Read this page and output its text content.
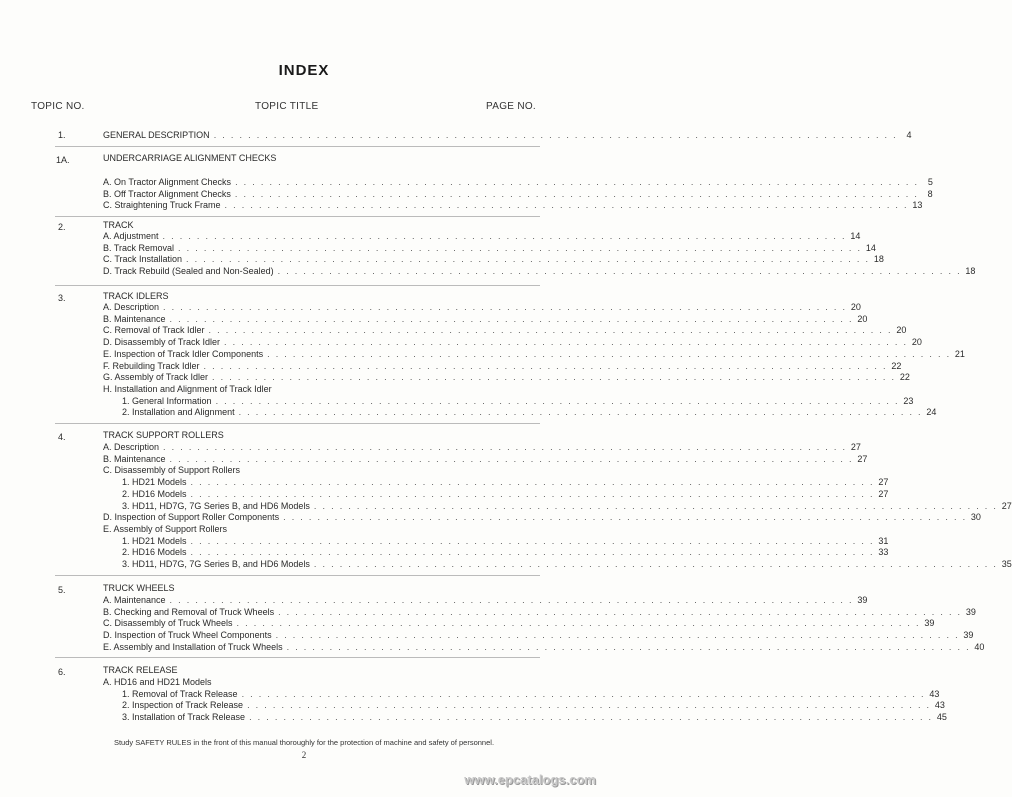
INDEX
TOPIC NO.	TOPIC TITLE	PAGE NO.
1.	GENERAL DESCRIPTION . . . . . . . . . . . . . . . . . . . . . . . . . . . . . . . . . . . . . . . . . . . . . . . . . . . . . . . . . . . . . . . . . . . . . . . . . . . . . . . . 4
1A.	UNDERCARRIAGE ALIGNMENT CHECKS
A. On Tractor Alignment Checks . . . . . . . . . . . . . . . . . . . . . . . . . . . . . . . . . . . . . . . . . . . . . . . . . . . . . . . . . . . . . . . . . . . . . . . . . . . . . . . . 5
B. Off Tractor Alignment Checks . . . . . . . . . . . . . . . . . . . . . . . . . . . . . . . . . . . . . . . . . . . . . . . . . . . . . . . . . . . . . . . . . . . . . . . . . . . . . . . . 8
C. Straightening Truck Frame . . . . . . . . . . . . . . . . . . . . . . . . . . . . . . . . . . . . . . . . . . . . . . . . . . . . . . . . . . . . . . . . . . . . . . . . . . . . . . . . 13
2.	TRACK
A. Adjustment . . . . . . . . . . . . . . . . . . . . . . . . . . . . . . . . . . . . . . . . . . . . . . . . . . . . . . . . . . . . . . . . . . . . . . . . . . . . . . . . 14
B. Track Removal . . . . . . . . . . . . . . . . . . . . . . . . . . . . . . . . . . . . . . . . . . . . . . . . . . . . . . . . . . . . . . . . . . . . . . . . . . . . . . . . 14
C. Track Installation . . . . . . . . . . . . . . . . . . . . . . . . . . . . . . . . . . . . . . . . . . . . . . . . . . . . . . . . . . . . . . . . . . . . . . . . . . . . . . . . 18
D. Track Rebuild (Sealed and Non-Sealed) . . . . . . . . . . . . . . . . . . . . . . . . . . . . . . . . . . . . . . . . . . . . . . . . . . . . . . . . . . . . . . . . . . . . . . . . . . . . . . . . 18
3.	TRACK IDLERS
A. Description . . . . . . . . . . . . . . . . . . . . . . . . . . . . . . . . . . . . . . . . . . . . . . . . . . . . . . . . . . . . . . . . . . . . . . . . . . . . . . . . 20
B. Maintenance . . . . . . . . . . . . . . . . . . . . . . . . . . . . . . . . . . . . . . . . . . . . . . . . . . . . . . . . . . . . . . . . . . . . . . . . . . . . . . . . 20
C. Removal of Track Idler . . . . . . . . . . . . . . . . . . . . . . . . . . . . . . . . . . . . . . . . . . . . . . . . . . . . . . . . . . . . . . . . . . . . . . . . . . . . . . . . 20
D. Disassembly of Track Idler . . . . . . . . . . . . . . . . . . . . . . . . . . . . . . . . . . . . . . . . . . . . . . . . . . . . . . . . . . . . . . . . . . . . . . . . . . . . . . . . 20
E. Inspection of Track Idler Components . . . . . . . . . . . . . . . . . . . . . . . . . . . . . . . . . . . . . . . . . . . . . . . . . . . . . . . . . . . . . . . . . . . . . . . . . . . . . . . . 21
F. Rebuilding Track Idler . . . . . . . . . . . . . . . . . . . . . . . . . . . . . . . . . . . . . . . . . . . . . . . . . . . . . . . . . . . . . . . . . . . . . . . . . . . . . . . . 22
G. Assembly of Track Idler . . . . . . . . . . . . . . . . . . . . . . . . . . . . . . . . . . . . . . . . . . . . . . . . . . . . . . . . . . . . . . . . . . . . . . . . . . . . . . . . 22
H. Installation and Alignment of Track Idler
1. General Information . . . . . . . . . . . . . . . . . . . . . . . . . . . . . . . . . . . . . . . . . . . . . . . . . . . . . . . . . . . . . . . . . . . . . . . . . . . . . . . . 23
2. Installation and Alignment . . . . . . . . . . . . . . . . . . . . . . . . . . . . . . . . . . . . . . . . . . . . . . . . . . . . . . . . . . . . . . . . . . . . . . . . . . . . . . . . 24
4.	TRACK SUPPORT ROLLERS
A. Description . . . . . . . . . . . . . . . . . . . . . . . . . . . . . . . . . . . . . . . . . . . . . . . . . . . . . . . . . . . . . . . . . . . . . . . . . . . . . . . . 27
B. Maintenance . . . . . . . . . . . . . . . . . . . . . . . . . . . . . . . . . . . . . . . . . . . . . . . . . . . . . . . . . . . . . . . . . . . . . . . . . . . . . . . . 27
C. Disassembly of Support Rollers
1. HD21 Models . . . . . . . . . . . . . . . . . . . . . . . . . . . . . . . . . . . . . . . . . . . . . . . . . . . . . . . . . . . . . . . . . . . . . . . . . . . . . . . . 27
2. HD16 Models . . . . . . . . . . . . . . . . . . . . . . . . . . . . . . . . . . . . . . . . . . . . . . . . . . . . . . . . . . . . . . . . . . . . . . . . . . . . . . . . 27
3. HD11, HD7G, 7G Series B, and HD6 Models . . . . . . . . . . . . . . . . . . . . . . . . . . . . . . . . . . . . . . . . . . . . . . . . . . . . . . . . . . . . . . . . . . . . . . . . . . . . . . . . 27
D. Inspection of Support Roller Components . . . . . . . . . . . . . . . . . . . . . . . . . . . . . . . . . . . . . . . . . . . . . . . . . . . . . . . . . . . . . . . . . . . . . . . . . . . . . . . . 30
E. Assembly of Support Rollers
1. HD21 Models . . . . . . . . . . . . . . . . . . . . . . . . . . . . . . . . . . . . . . . . . . . . . . . . . . . . . . . . . . . . . . . . . . . . . . . . . . . . . . . . 31
2. HD16 Models . . . . . . . . . . . . . . . . . . . . . . . . . . . . . . . . . . . . . . . . . . . . . . . . . . . . . . . . . . . . . . . . . . . . . . . . . . . . . . . . 33
3. HD11, HD7G, 7G Series B, and HD6 Models . . . . . . . . . . . . . . . . . . . . . . . . . . . . . . . . . . . . . . . . . . . . . . . . . . . . . . . . . . . . . . . . . . . . . . . . . . . . . . . . 35
5.	TRUCK WHEELS
A. Maintenance . . . . . . . . . . . . . . . . . . . . . . . . . . . . . . . . . . . . . . . . . . . . . . . . . . . . . . . . . . . . . . . . . . . . . . . . . . . . . . . . 39
B. Checking and Removal of Truck Wheels . . . . . . . . . . . . . . . . . . . . . . . . . . . . . . . . . . . . . . . . . . . . . . . . . . . . . . . . . . . . . . . . . . . . . . . . . . . . . . . . 39
C. Disassembly of Truck Wheels . . . . . . . . . . . . . . . . . . . . . . . . . . . . . . . . . . . . . . . . . . . . . . . . . . . . . . . . . . . . . . . . . . . . . . . . . . . . . . . . 39
D. Inspection of Truck Wheel Components . . . . . . . . . . . . . . . . . . . . . . . . . . . . . . . . . . . . . . . . . . . . . . . . . . . . . . . . . . . . . . . . . . . . . . . . . . . . . . . . 39
E. Assembly and Installation of Truck Wheels . . . . . . . . . . . . . . . . . . . . . . . . . . . . . . . . . . . . . . . . . . . . . . . . . . . . . . . . . . . . . . . . . . . . . . . . . . . . . . . . 40
6.	TRACK RELEASE
A. HD16 and HD21 Models
1. Removal of Track Release . . . . . . . . . . . . . . . . . . . . . . . . . . . . . . . . . . . . . . . . . . . . . . . . . . . . . . . . . . . . . . . . . . . . . . . . . . . . . . . . 43
2. Inspection of Track Release . . . . . . . . . . . . . . . . . . . . . . . . . . . . . . . . . . . . . . . . . . . . . . . . . . . . . . . . . . . . . . . . . . . . . . . . . . . . . . . . 43
3. Installation of Track Release . . . . . . . . . . . . . . . . . . . . . . . . . . . . . . . . . . . . . . . . . . . . . . . . . . . . . . . . . . . . . . . . . . . . . . . . . . . . . . . . 45
Study SAFETY RULES in the front of this manual thoroughly for the protection of machine and safety of personnel.
2
www.epcatalogs.com
